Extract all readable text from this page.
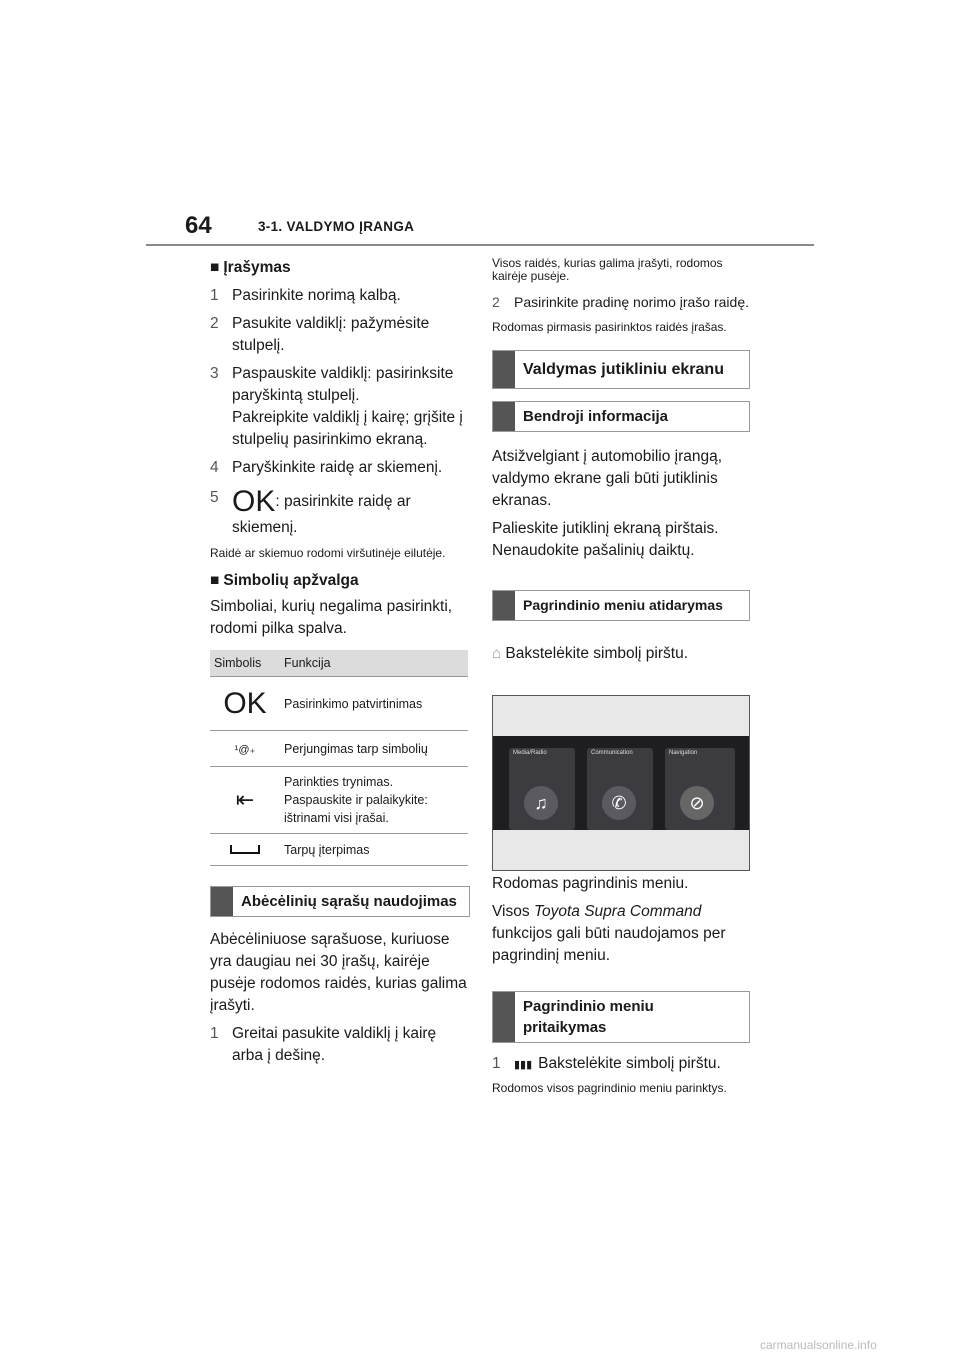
64	3-1. VALDYMO ĮRANGA

■ Įrašymas

1 Pasirinkite norimą kalbą.
2 Pasukite valdiklį: pažymėsite stulpelį.
3 Paspauskite valdiklį: pasirinksite paryškintą stulpelį.
Pakreipkite valdiklį į kairę; grįšite į stulpelių pasirinkimo ekraną.
4 Paryškinkite raidę ar skiemenį.
5 OK: pasirinkite raidę ar skiemenį.

Raidė ar skiemuo rodomi viršutinėje eilutėje.

■ Simbolių apžvalga

Simboliai, kurių negalima pasirinkti, rodomi pilka spalva.

Simbolis	Funkcija
OK	Pasirinkimo patvirtinimas
¹@₊	Perjungimas tarp simbolių
⇤	Parinkties trynimas.
Paspauskite ir palaikykite: ištrinami visi įrašai.
	Tarpų įterpimas
Abėcėlinių sąrašų naudojimas

Abėcėliniuose sąrašuose, kuriuose yra daugiau nei 30 įrašų, kairėje pusėje rodomos raidės, kurias galima įrašyti.

1 Greitai pasukite valdiklį į kairę arba į dešinę.

Visos raidės, kurias galima įrašyti, rodomos kairėje pusėje.

2	Pasirinkite pradinę norimo įrašo raidę.

Rodomas pirmasis pasirinktos raidės įrašas.

Valdymas jutikliniu ekranu
Bendroji informacija

Atsižvelgiant į automobilio įrangą, valdymo ekrane gali būti jutiklinis ekranas.

Palieskite jutiklinį ekraną pirštais. Nenaudokite pašalinių daiktų.

Pagrindinio meniu atidarymas

⌂ Bakstelėkite simbolį pirštu.

Media/Radio
♫
Communication
✆
Navigation
⊘

Rodomas pagrindinis meniu.

Visos Toyota Supra Command funkcijos gali būti naudojamos per pagrindinį meniu.

Pagrindinio meniu pritaikymas
1	▮▮▮ Bakstelėkite simbolį pirštu.

Rodomos visos pagrindinio meniu parinktys.

carmanualsonline.info
